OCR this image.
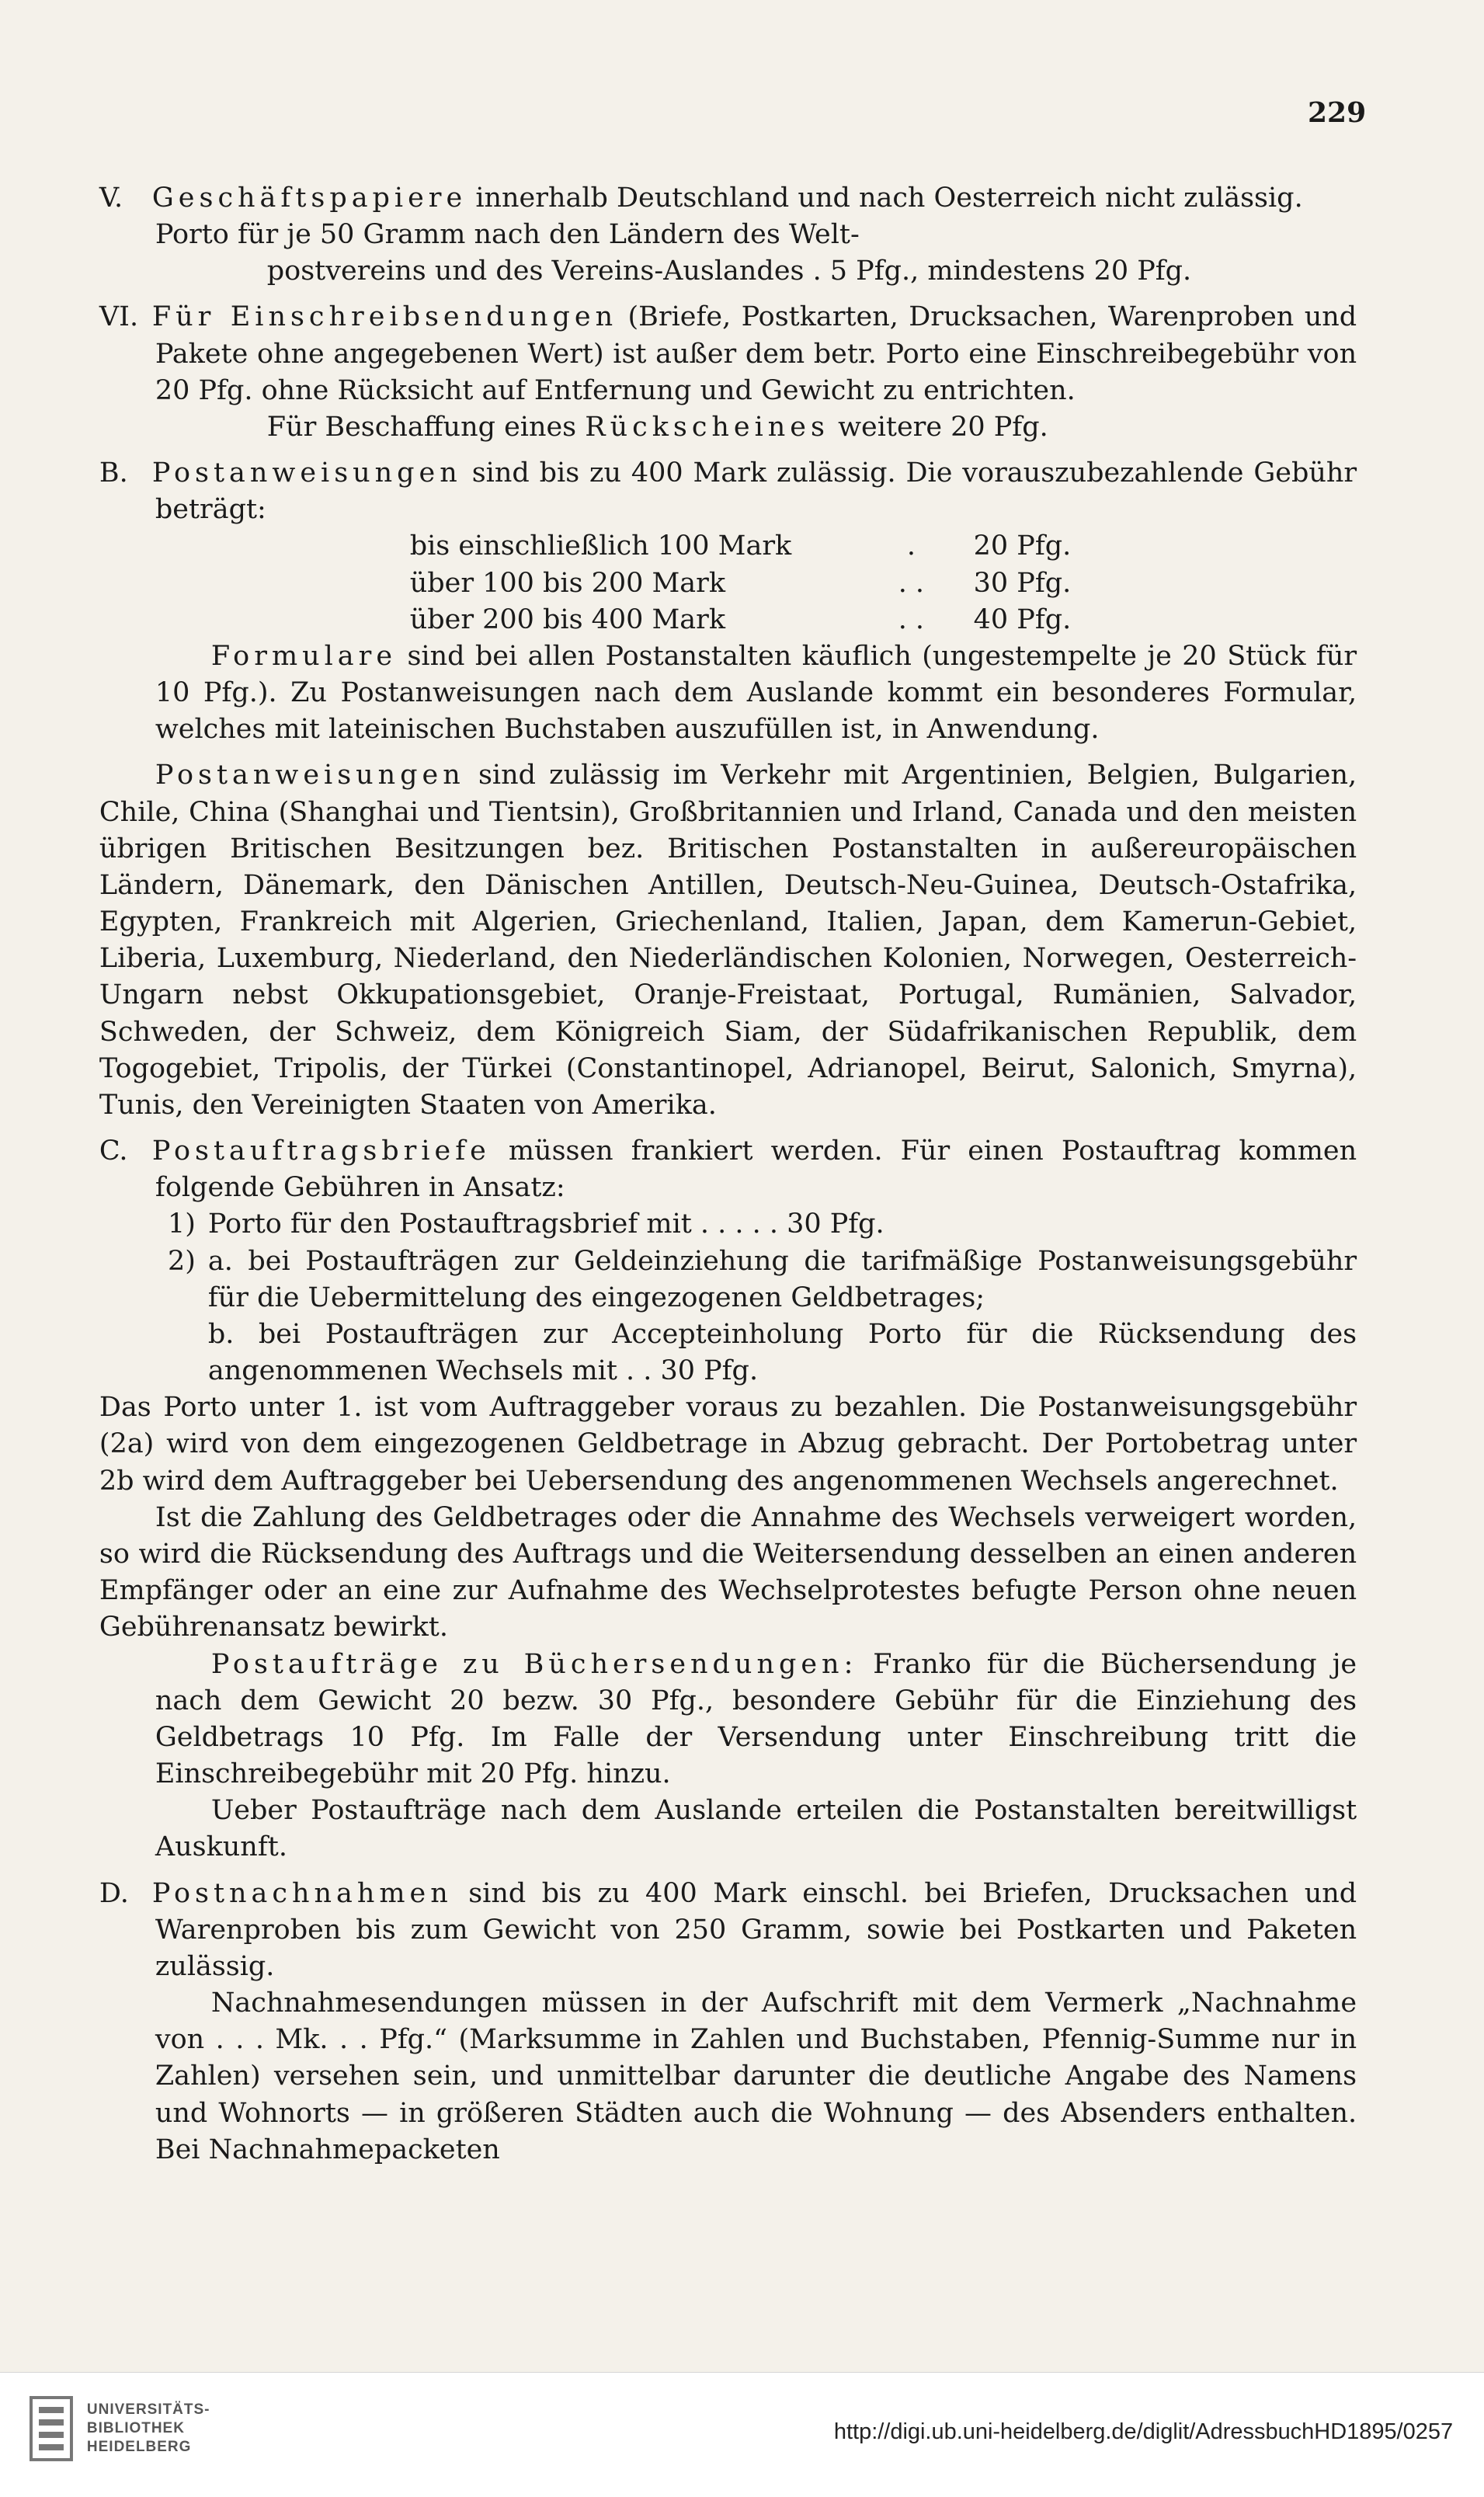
229

V. Geschäftspapiere innerhalb Deutschland und nach Oesterreich nicht zulässig.

Porto für je 50 Gramm nach den Ländern des Welt-

postvereins und des Vereins-Auslandes . 5 Pfg., mindestens 20 Pfg.

VI. Für Einschreibsendungen (Briefe, Postkarten, Drucksachen, Warenproben und Pakete ohne angegebenen Wert) ist außer dem betr. Porto eine Einschreibegebühr von 20 Pfg. ohne Rücksicht auf Entfernung und Gewicht zu entrichten.

Für Beschaffung eines Rückscheines weitere 20 Pfg.

B. Postanweisungen sind bis zu 400 Mark zulässig. Die vorauszubezahlende Gebühr beträgt:

bis einschließlich 100 Mark	.	20 Pfg.
über 100 bis 200 Mark	. .	30 Pfg.
über 200 bis 400 Mark	. .	40 Pfg.

Formulare sind bei allen Postanstalten käuflich (ungestempelte je 20 Stück für 10 Pfg.). Zu Postanweisungen nach dem Auslande kommt ein besonderes Formular, welches mit lateinischen Buchstaben auszufüllen ist, in Anwendung.

Postanweisungen sind zulässig im Verkehr mit Argentinien, Belgien, Bulgarien, Chile, China (Shanghai und Tientsin), Großbritannien und Irland, Canada und den meisten übrigen Britischen Besitzungen bez. Britischen Postanstalten in außereuropäischen Ländern, Dänemark, den Dänischen Antillen, Deutsch-Neu-Guinea, Deutsch-Ostafrika, Egypten, Frankreich mit Algerien, Griechenland, Italien, Japan, dem Kamerun-Gebiet, Liberia, Luxemburg, Niederland, den Niederländischen Kolonien, Norwegen, Oesterreich-Ungarn nebst Okkupationsgebiet, Oranje-Freistaat, Portugal, Rumänien, Salvador, Schweden, der Schweiz, dem Königreich Siam, der Südafrikanischen Republik, dem Togogebiet, Tripolis, der Türkei (Constantinopel, Adrianopel, Beirut, Salonich, Smyrna), Tunis, den Vereinigten Staaten von Amerika.

C. Postauftragsbriefe müssen frankiert werden. Für einen Postauftrag kommen folgende Gebühren in Ansatz:

1) Porto für den Postauftragsbrief mit . . . . . 30 Pfg.
2) a. bei Postaufträgen zur Geldeinziehung die tarifmäßige Postanweisungsgebühr für die Uebermittelung des eingezogenen Geldbetrages;
b. bei Postaufträgen zur Accepteinholung Porto für die Rücksendung des angenommenen Wechsels mit . . 30 Pfg.

Das Porto unter 1. ist vom Auftraggeber voraus zu bezahlen. Die Postanweisungsgebühr (2a) wird von dem eingezogenen Geldbetrage in Abzug gebracht. Der Portobetrag unter 2b wird dem Auftraggeber bei Uebersendung des angenommenen Wechsels angerechnet.

Ist die Zahlung des Geldbetrages oder die Annahme des Wechsels verweigert worden, so wird die Rücksendung des Auftrags und die Weitersendung desselben an einen anderen Empfänger oder an eine zur Aufnahme des Wechselprotestes befugte Person ohne neuen Gebührenansatz bewirkt.

Postaufträge zu Büchersendungen: Franko für die Büchersendung je nach dem Gewicht 20 bezw. 30 Pfg., besondere Gebühr für die Einziehung des Geldbetrags 10 Pfg. Im Falle der Versendung unter Einschreibung tritt die Einschreibegebühr mit 20 Pfg. hinzu.

Ueber Postaufträge nach dem Auslande erteilen die Postanstalten bereitwilligst Auskunft.

D. Postnachnahmen sind bis zu 400 Mark einschl. bei Briefen, Drucksachen und Warenproben bis zum Gewicht von 250 Gramm, sowie bei Postkarten und Paketen zulässig.

Nachnahmesendungen müssen in der Aufschrift mit dem Vermerk „Nachnahme von . . . Mk. . . Pfg.“ (Marksumme in Zahlen und Buchstaben, Pfennig-Summe nur in Zahlen) versehen sein, und unmittelbar darunter die deutliche Angabe des Namens und Wohnorts — in größeren Städten auch die Wohnung — des Absenders enthalten. Bei Nachnahmepacketen

UNIVERSITÄTS-
BIBLIOTHEK
HEIDELBERG
http://digi.ub.uni-heidelberg.de/diglit/AdressbuchHD1895/0257
